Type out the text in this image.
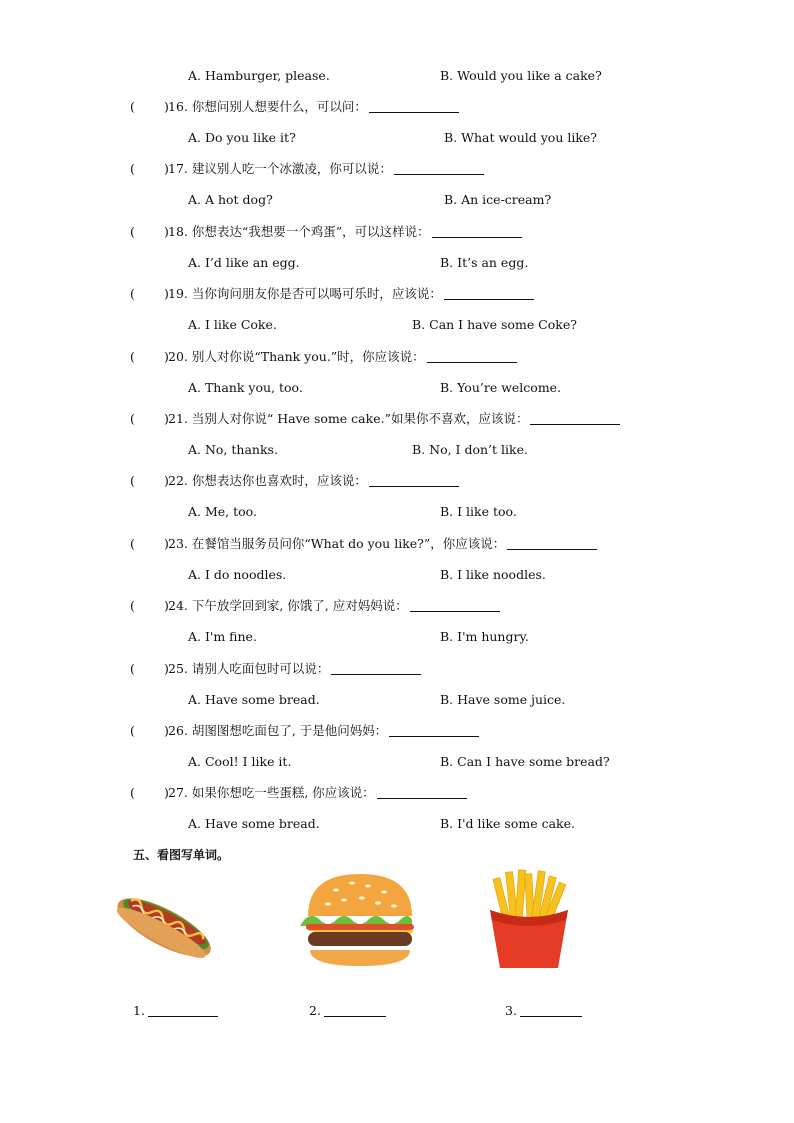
A. Hamburger, please.	B. Would you like a cake?
( ) 16. 你想问别人想要什么，可以问：
A. Do you like it?	B. What would you like?
( ) 17. 建议别人吃一个冰激凌，你可以说：
A. A hot dog?	B. An ice-cream?
( ) 18. 你想表达“我想要一个鸡蛋”，可以这样说：
A. I’d like an egg.	B. It’s an egg.
( ) 19. 当你询问朋友你是否可以喝可乐时，应该说：
A. I like Coke.	B. Can I have some Coke?
( ) 20. 别人对你说“Thank you.”时，你应该说：
A. Thank you, too.	B. You’re welcome.
( ) 21. 当别人对你说“ Have some cake.”如果你不喜欢，应该说：
A. No, thanks.	B. No, I don’t like.
( ) 22. 你想表达你也喜欢时，应该说：
A. Me, too.	B. I like too.
( ) 23. 在餐馆当服务员问你“What do you like?”，你应该说：
A. I do noodles.	B. I like noodles.
( ) 24. 下午放学回到家, 你饿了, 应对妈妈说：
A. I'm fine.	B. I'm hungry.
( ) 25. 请别人吃面包时可以说：
A. Have some bread.	B. Have some juice.
( ) 26. 胡图图想吃面包了, 于是他问妈妈：
A. Cool! I like it.	B. Can I have some bread?
( ) 27. 如果你想吃一些蛋糕, 你应该说：
A. Have some bread.	B. I'd like some cake.
五、看图写单词。
1.	2.	3.
